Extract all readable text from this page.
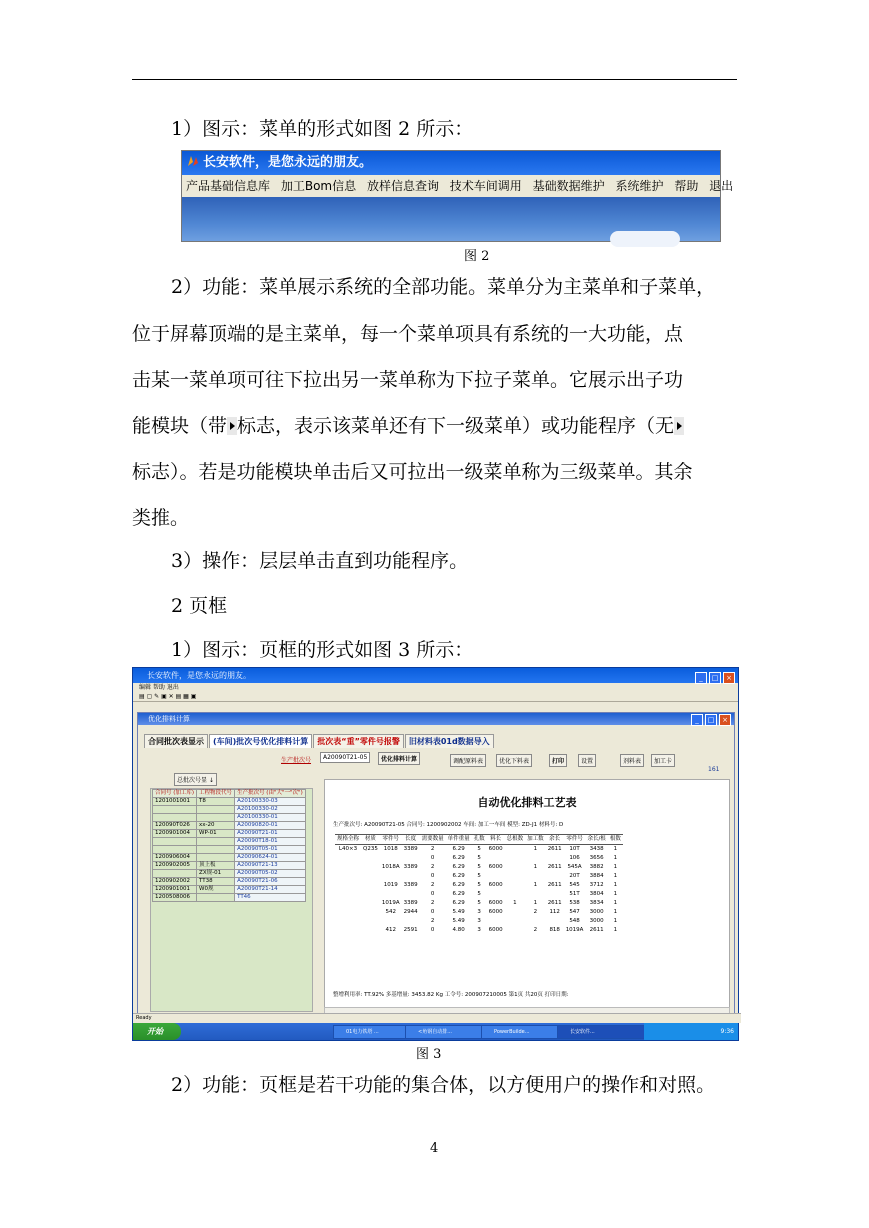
1）图示：菜单的形式如图 2 所示：
长安软件，是您永远的朋友。
产品基础信息库 加工Bom信息 放样信息查询 技术车间调用 基础数据维护 系统维护 帮助 退出
图 2
2）功能：菜单展示系统的全部功能。菜单分为主菜单和子菜单，
位于屏幕顶端的是主菜单，每一个菜单项具有系统的一大功能，点
击某一菜单项可往下拉出另一菜单称为下拉子菜单。它展示出子功
能模块（带 标志，表示该菜单还有下一级菜单）或功能程序（无
标志）。若是功能模块单击后又可拉出一级菜单称为三级菜单。其余
类推。
3）操作：层层单击直到功能程序。
2 页框
1）图示：页框的形式如图 3 所示：
长安软件，是您永远的朋友。	_ □ ×
编辑 帮助 退出
▤ ▢ ✎ ▣ ✕ ▤ ▦ ▣
优化排料计算	_ □ ×
合同批次表显示 (车间)批次号优化排料计算 批次表“重”零件号报警 旧材料表01d数据导入
生产批次号	A20090T21-05	优化排料计算	调配原料表	优化下料表	打印	设置	剂料表	加工卡
161
总批次号显 ↓
合同号 (加工库)	工程物段代号	生产批次号 (由"大"一"次")
1201001001	T8	A20100330-03
		A20100330-02
		A20100330-01
120090T026	xx-20	A20090820-01
1200901004	WP-01	A20090T21-01
		A20090T18-01
		A20090T05-01
1200906004		A20090624-01
1200902005	顶上板	A20090T21-13
	ZX规-01	A20090T05-02
1200902002	TT38	A20090T21-06
1200901001	W0规	A20090T21-14
1200508006		TT46
自动优化排料工艺表
生产批次号: A20090T21-05 合同号: 1200902002 车间: 加工一车间 模型: ZD-J1 材料号: D
规格全称	材质	零件号	长度	需要数量	单件重量	孔数	料长	总根数	加工数	余长	零件号	余长/根	根数
L40×3	Q235	1018	3389	2	6.29	5	6000		1	2611	10T	3438	1
				0	6.29	5					106	3656	1
		1018A	3389	2	6.29	5	6000		1	2611	545A	3882	1
				0	6.29	5					20T	3884	1
		1019	3389	2	6.29	5	6000		1	2611	545	3712	1
				0	6.29	5					51T	3804	1
		1019A	3389	2	6.29	5	6000	1	1	2611	538	3834	1
		542	2944	0	5.49	3	6000		2	112	547	3000	1
				2	5.49	3					548	3000	1
		412	2591	0	4.80	3	6000		2	818	1019A	2611	1
整增利用率: TT.92% 多基增量: 3453.82 Kg 工令号: 200907210005 第1页 共20页 打印日期:
Ready
开始	01电力铁塔 ...	<角钢自动排...	PowerBuilde...	长安软件...	9:36
图 3
2）功能：页框是若干功能的集合体，以方便用户的操作和对照。
4
